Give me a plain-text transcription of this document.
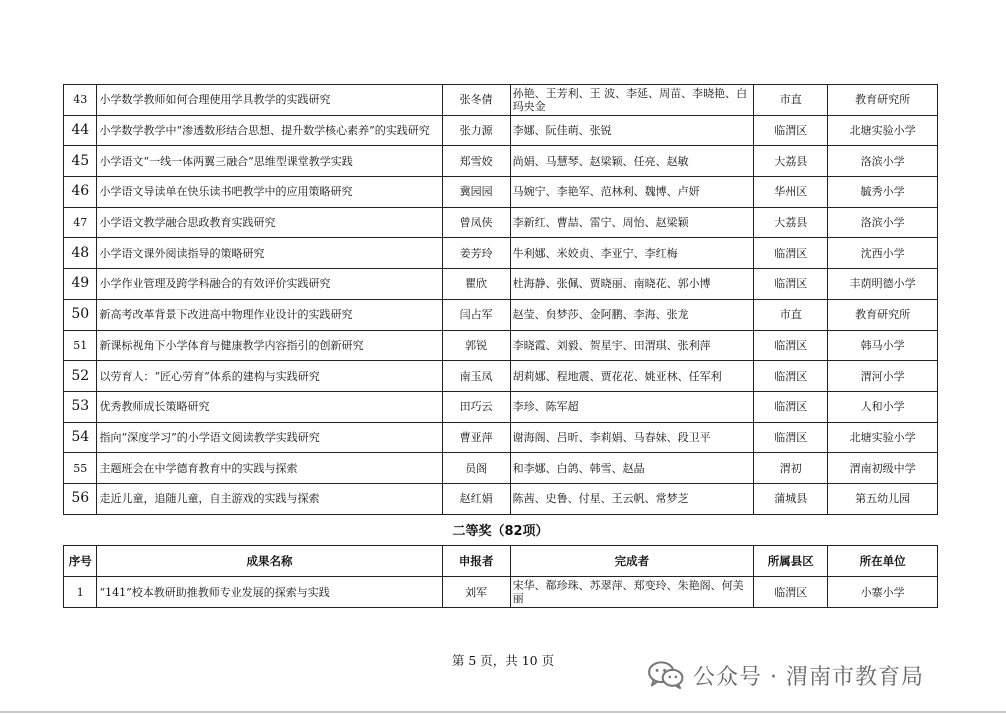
43	小学数学教师如何合理使用学具教学的实践研究	张冬倩	孙艳、王芳利、王 波、李延、周苗、李晓艳、白玛央金	市直	教育研究所
44	小学数学教学中“渗透数形结合思想、提升数学核心素养”的实践研究	张力源	李娜、阮佳萌、张锐	临渭区	北塘实验小学
45	小学语文“一线一体两翼三融合”思维型课堂教学实践	郑雪姣	尚娟、马慧琴、赵梁颖、任亮、赵敏	大荔县	洛滨小学
46	小学语文导读单在快乐读书吧教学中的应用策略研究	冀园园	马婉宁、李艳军、范林利、魏博、卢妍	华州区	毓秀小学
47	小学语文教学融合思政教育实践研究	曾凤侠	李新红、曹喆、雷宁、周怡、赵梁颖	大荔县	洛滨小学
48	小学语文课外阅读指导的策略研究	姜芳玲	牛利娜、米姣贞、李亚宁、李红梅	临渭区	沈西小学
49	小学作业管理及跨学科融合的有效评价实践研究	瞿欣	杜海静、张佩、贾晓丽、南晓花、郭小博	临渭区	丰荫明德小学
50	新高考改革背景下改进高中物理作业设计的实践研究	闫占军	赵莹、贠梦莎、金阿鹏、李海、张龙	市直	教育研究所
51	新课标视角下小学体育与健康教学内容指引的创新研究	郭锐	李晓霞、刘毅、贺星宇、田渭琪、张利萍	临渭区	韩马小学
52	以劳育人：“匠心劳育”体系的建构与实践研究	南玉凤	胡莉娜、程地震、贾花花、姚亚林、任军利	临渭区	渭河小学
53	优秀教师成长策略研究	田巧云	李珍、陈军超	临渭区	人和小学
54	指向“深度学习”的小学语文阅读教学实践研究	曹亚萍	谢海阁、吕昕、李莉娟、马春妹、段卫平	临渭区	北塘实验小学
55	主题班会在中学德育教育中的实践与探索	员阁	和李娜、白鸽、韩雪、赵晶	渭初	渭南初级中学
56	走近儿童，追随儿童，自主游戏的实践与探索	赵红娟	陈茜、史鲁、付星、王云帆、常梦芝	蒲城县	第五幼儿园
二等奖（82项）
序号	成果名称	申报者	完成者	所属县区	所在单位
1	“141”校本教研助推教师专业发展的探索与实践	刘军	宋华、郗珍珠、苏翠萍、郑变玲、朱艳阁、何美丽	临渭区	小寨小学
第 5 页，共 10 页
公众号 · 渭南市教育局
